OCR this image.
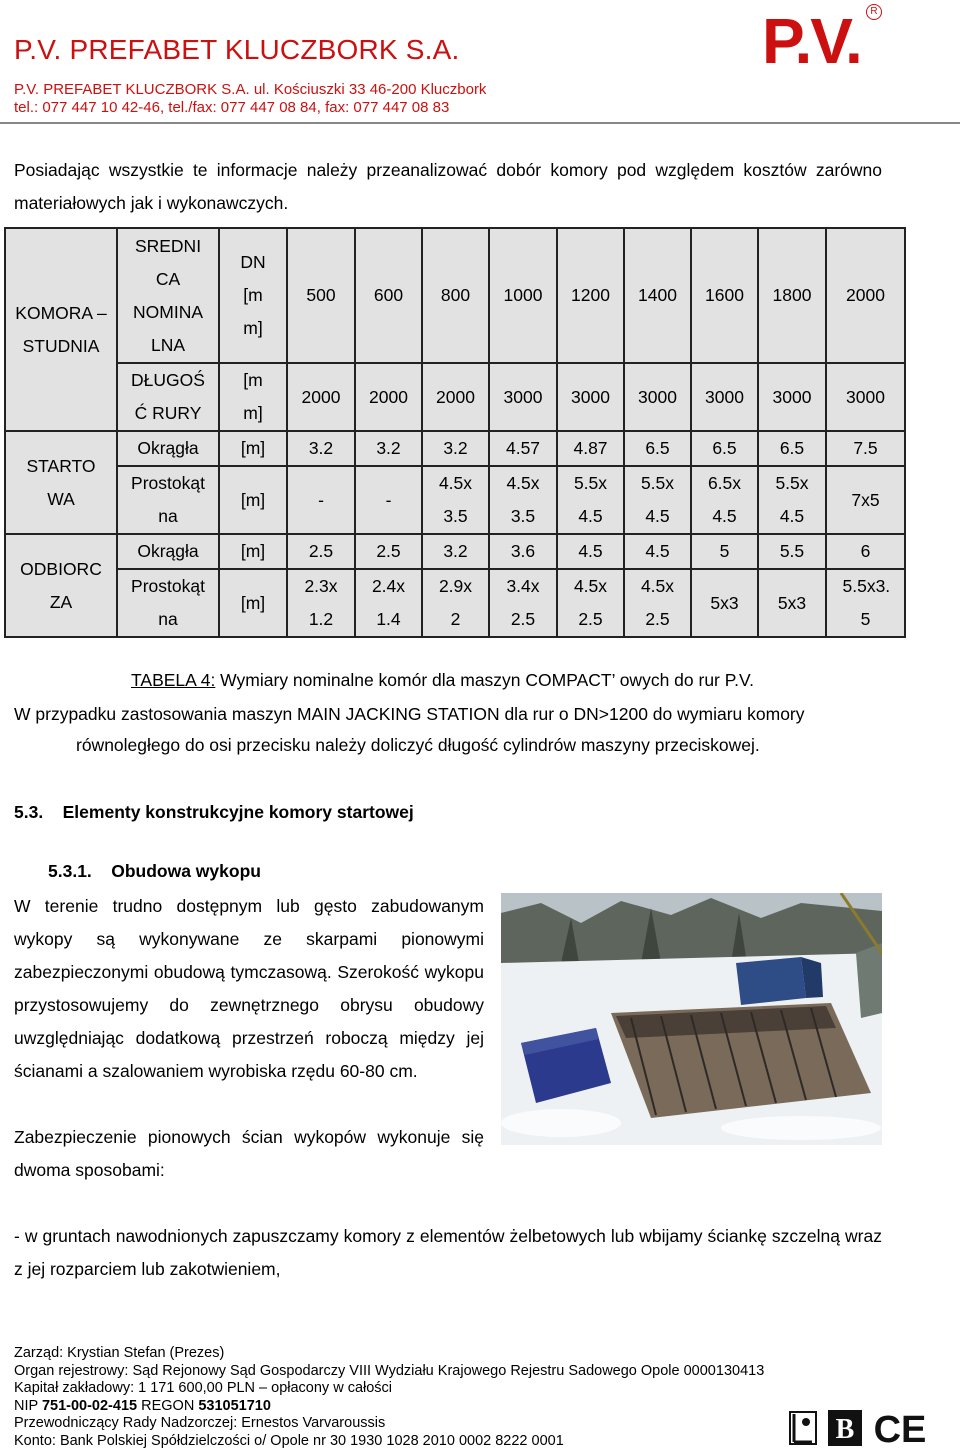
P.V. PREFABET KLUCZBORK S.A.	P.V. R
P.V. PREFABET KLUCZBORK S.A. ul. Kościuszki 33 46-200 Kluczbork
tel.: 077 447 10 42-46, tel./fax: 077 447 08 84, fax: 077 447 08 83
Posiadając wszystkie te informacje należy przeanalizować dobór komory pod względem kosztów zarówno materiałowych jak i wykonawczych.
KOMORA – STUDNIA	SREDNI CA NOMINA LNA	DN [m m]	500	600	800	1000	1200	1400	1600	1800	2000

	DŁUGOŚ Ć RURY	[m m]	2000	2000	2000	3000	3000	3000	3000	3000	3000

STARTO WA	Okrągła	[m]	3.2	3.2	3.2	4.57	4.87	6.5	6.5	6.5	7.5

	Prostokąt na	[m]	-	-	4.5x 3.5	4.5x 3.5	5.5x 4.5	5.5x 4.5	6.5x 4.5	5.5x 4.5	7x5

ODBIORC ZA	Okrągła	[m]	2.5	2.5	3.2	3.6	4.5	4.5	5	5.5	6

	Prostokąt na	[m]	2.3x 1.2	2.4x 1.4	2.9x 2	3.4x 2.5	4.5x 2.5	4.5x 2.5	5x3	5x3	5.5x3. 5
TABELA 4: Wymiary nominalne komór dla maszyn COMPACT’ owych do rur P.V.
W przypadku zastosowania maszyn MAIN JACKING STATION dla rur o DN>1200 do wymiaru komory
równoległego do osi przecisku należy doliczyć długość cylindrów maszyny przeciskowej.
5.3.    Elementy konstrukcyjne komory startowej
5.3.1.    Obudowa wykopu
W terenie trudno dostępnym lub gęsto zabudowanym wykopy są wykonywane ze skarpami pionowymi zabezpieczonymi obudową tymczasową. Szerokość wykopu przystosowujemy do zewnętrznego obrysu obudowy uwzględniając dodatkową przestrzeń roboczą między jej ścianami a szalowaniem wyrobiska rzędu 60-80 cm.
Zabezpieczenie pionowych ścian wykopów wykonuje się dwoma sposobami:
- w gruntach nawodnionych zapuszczamy komory z elementów żelbetowych lub wbijamy ściankę szczelną wraz z jej rozparciem lub zakotwieniem,
Zarząd: Krystian Stefan (Prezes)
Organ rejestrowy: Sąd Rejonowy Sąd Gospodarczy VIII Wydziału Krajowego Rejestru Sadowego Opole 0000130413
Kapitał zakładowy: 1 171 600,00 PLN – opłacony w całości
NIP 751-00-02-415 REGON 531051710
Przewodniczący Rady Nadzorczej: Ernestos Varvaroussis
Konto: Bank Polskiej Spółdzielczości o/ Opole nr 30 1930 1028 2010 0002 8222 0001	B CE
